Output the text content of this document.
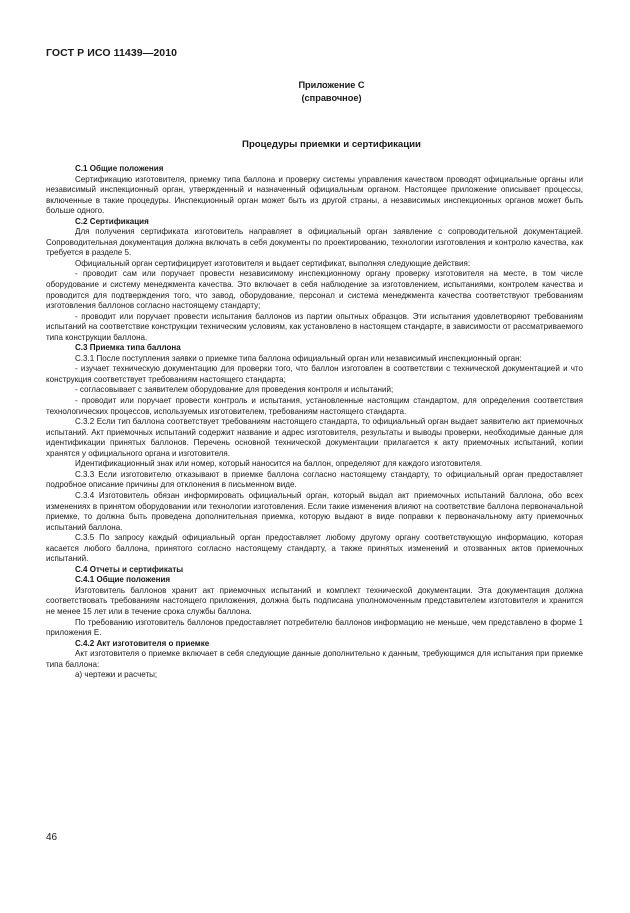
ГОСТ Р ИСО 11439—2010
Приложение С
(справочное)
Процедуры приемки и сертификации

С.1 Общие положения

Сертификацию изготовителя, приемку типа баллона и проверку системы управления качеством проводят официальные органы или независимый инспекционный орган, утвержденный и назначенный официальным органом. Настоящее приложение описывает процессы, включенные в такие процедуры. Инспекционный орган может быть из другой страны, а независимых инспекционных органов может быть больше одного.

С.2 Сертификация

Для получения сертификата изготовитель направляет в официальный орган заявление с сопроводительной документацией. Сопроводительная документация должна включать в себя документы по проектированию, технологии изготовления и контролю качества, как требуется в разделе 5.

Официальный орган сертифицирует изготовителя и выдает сертификат, выполняя следующие действия:

- проводит сам или поручает провести независимому инспекционному органу проверку изготовителя на месте, в том числе оборудование и систему менеджмента качества. Это включает в себя наблюдение за изготовлением, испытаниями, контролем качества и проводится для подтверждения того, что завод, оборудование, персонал и системa менеджмента качества соответствуют требованиям изготовления баллонов согласно настоящему стандарту;

- проводит или поручает провести испытания баллонов из партии опытных образцов. Эти испытания удовлетворяют требованиям испытаний на соответствие конструкции техническим условиям, как установлено в настоящем стандарте, в зависимости от рассматриваемого типа конструкции баллона.

С.3 Приемка типа баллона

С.3.1 После поступления заявки о приемке типа баллона официальный орган или независимый инспекционный орган:

- изучает техническую документацию для проверки того, что баллон изготовлен в соответствии с технической документацией и что конструкция соответствует требованиям настоящего стандарта;

- согласовывает с заявителем оборудование для проведения контроля и испытаний;

- проводит или поручает провести контроль и испытания, установленные настоящим стандартом, для определения соответствия технологических процессов, используемых изготовителем, требованиям настоящего стандарта.

С.3.2 Если тип баллона соответствует требованиям настоящего стандарта, то официальный орган выдает заявителю акт приемочных испытаний. Акт приемочных испытаний содержит название и адрес изготовителя, результаты и выводы проверки, необходимые данные для идентификации принятых баллонов. Перечень основной технической документации прилагается к акту приемочных испытаний, копии хранятся у официального органа и изготовителя.

Идентификационный знак или номер, который наносится на баллон, определяют для каждого изготовителя.

С.3.3 Если изготовителю отказывают в приемке баллона согласно настоящему стандарту, то официальный орган предоставляет подробное описание причины для отклонения в письменном виде.

С.3.4 Изготовитель обязан информировать официальный орган, который выдал акт приемочных испытаний баллона, обо всех изменениях в принятом оборудовании или технологии изготовления. Если такие изменения влияют на соответствие баллона первоначальной приемке, то должна быть проведена дополнительная приемка, которую выдают в виде поправки к первоначальному акту приемочных испытаний баллона.

С.3.5 По запросу каждый официальный орган предоставляет любому другому органу соответствующую информацию, которая касается любого баллона, принятого согласно настоящему стандарту, а также принятых изменений и отозванных актов приемочных испытаний.

С.4 Отчеты и сертификаты

С.4.1 Общие положения

Изготовитель баллонов хранит акт приемочных испытаний и комплект технической документации. Эта документация должна соответствовать требованиям настоящего приложения, должна быть подписана уполномоченным представителем изготовителя и хранится не менее 15 лет или в течение срока службы баллона.

По требованию изготовитель баллонов предоставляет потребителю баллонов информацию не меньше, чем представлено в форме 1 приложения Е.

С.4.2 Акт изготовителя о приемке

Акт изготовителя о приемке включает в себя следующие данные дополнительно к данным, требующимся для испытания при приемке типа баллона:

а) чертежи и расчеты;

46
